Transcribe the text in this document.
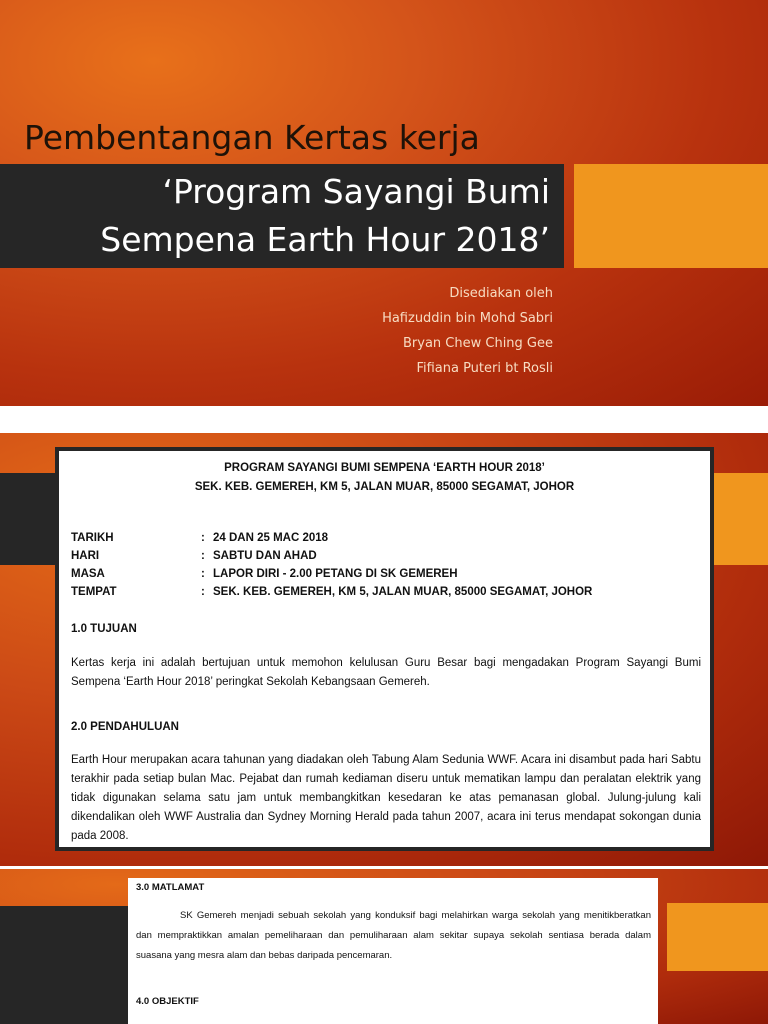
Pembentangan Kertas kerja
‘Program Sayangi Bumi
Sempena Earth Hour 2018’
Disediakan oleh
Hafizuddin bin Mohd Sabri
Bryan Chew Ching Gee
Fifiana Puteri bt Rosli
PROGRAM SAYANGI BUMI SEMPENA ‘EARTH HOUR 2018’
SEK. KEB. GEMEREH, KM 5, JALAN MUAR, 85000 SEGAMAT, JOHOR
TARIKH	: 24 DAN 25 MAC 2018
HARI	: SABTU DAN AHAD
MASA	: LAPOR DIRI - 2.00 PETANG DI SK GEMEREH
TEMPAT	: SEK. KEB. GEMEREH, KM 5, JALAN MUAR, 85000 SEGAMAT, JOHOR
1.0 TUJUAN
Kertas kerja ini adalah bertujuan untuk memohon kelulusan Guru Besar bagi mengadakan Program Sayangi Bumi Sempena ‘Earth Hour 2018’ peringkat Sekolah Kebangsaan Gemereh.
2.0 PENDAHULUAN
Earth Hour merupakan acara tahunan yang diadakan oleh Tabung Alam Sedunia WWF. Acara ini disambut pada hari Sabtu terakhir pada setiap bulan Mac. Pejabat dan rumah kediaman diseru untuk mematikan lampu dan peralatan elektrik yang tidak digunakan selama satu jam untuk membangkitkan kesedaran ke atas pemanasan global. Julung-julung kali dikendalikan oleh WWF Australia dan Sydney Morning Herald pada tahun 2007, acara ini terus mendapat sokongan dunia pada 2008.
3.0 MATLAMAT
SK Gemereh menjadi sebuah sekolah yang konduksif bagi melahirkan warga sekolah yang menitikberatkan dan mempraktikkan amalan pemeliharaan dan pemuliharaan alam sekitar supaya sekolah sentiasa berada dalam suasana yang mesra alam dan bebas daripada pencemaran.
4.0 OBJEKTIF
